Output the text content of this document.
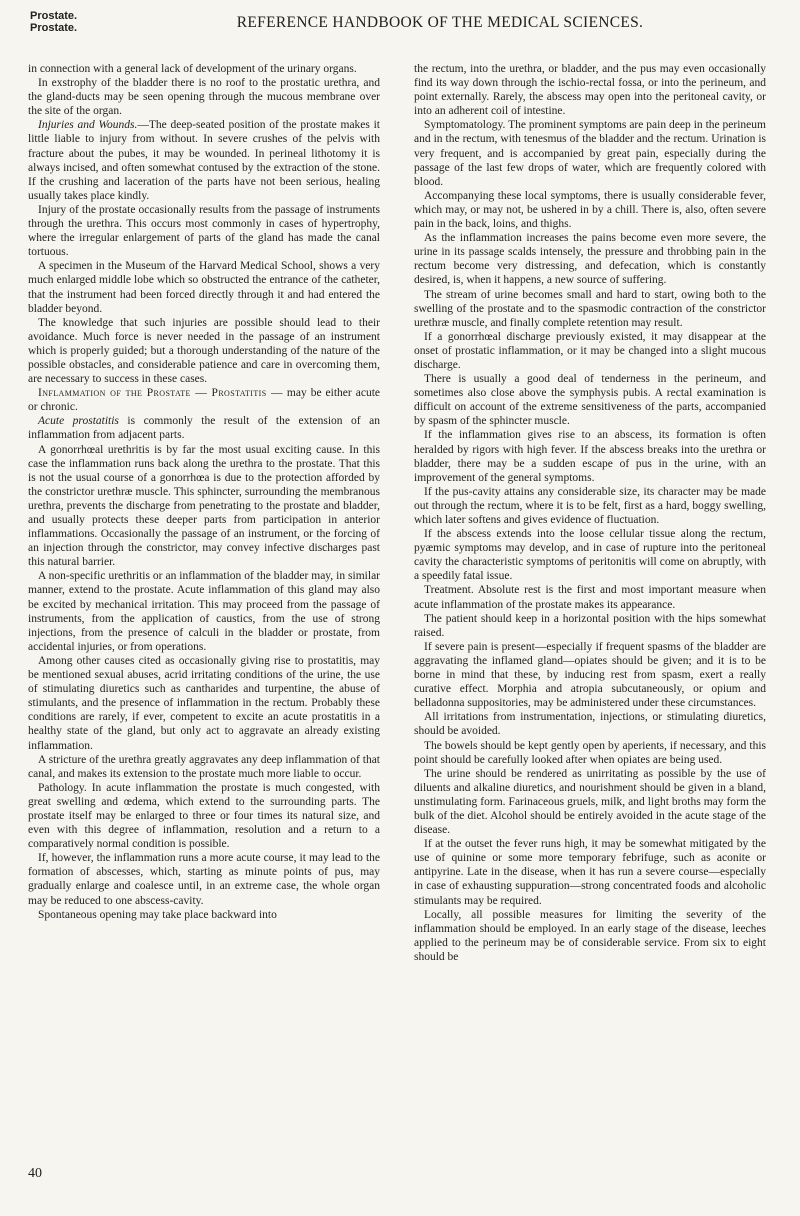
Prostate.
Prostate.	REFERENCE HANDBOOK OF THE MEDICAL SCIENCES.

in connection with a general lack of development of the urinary organs.

In exstrophy of the bladder there is no roof to the prostatic urethra, and the gland-ducts may be seen opening through the mucous membrane over the site of the organ.

Injuries and Wounds.—The deep-seated position of the prostate makes it little liable to injury from without. In severe crushes of the pelvis with fracture about the pubes, it may be wounded. In perineal lithotomy it is always incised, and often somewhat contused by the extraction of the stone. If the crushing and laceration of the parts have not been serious, healing usually takes place kindly.

Injury of the prostate occasionally results from the passage of instruments through the urethra. This occurs most commonly in cases of hypertrophy, where the irregular enlargement of parts of the gland has made the canal tortuous.

A specimen in the Museum of the Harvard Medical School, shows a very much enlarged middle lobe which so obstructed the entrance of the catheter, that the instrument had been forced directly through it and had entered the bladder beyond.

The knowledge that such injuries are possible should lead to their avoidance. Much force is never needed in the passage of an instrument which is properly guided; but a thorough understanding of the nature of the possible obstacles, and considerable patience and care in overcoming them, are necessary to success in these cases.

Inflammation of the Prostate — Prostatitis — may be either acute or chronic.

Acute prostatitis is commonly the result of the extension of an inflammation from adjacent parts.

A gonorrhœal urethritis is by far the most usual exciting cause. In this case the inflammation runs back along the urethra to the prostate. That this is not the usual course of a gonorrhœa is due to the protection afforded by the constrictor urethræ muscle. This sphincter, surrounding the membranous urethra, prevents the discharge from penetrating to the prostate and bladder, and usually protects these deeper parts from participation in anterior inflammations. Occasionally the passage of an instrument, or the forcing of an injection through the constrictor, may convey infective discharges past this natural barrier.

A non-specific urethritis or an inflammation of the bladder may, in similar manner, extend to the prostate. Acute inflammation of this gland may also be excited by mechanical irritation. This may proceed from the passage of instruments, from the application of caustics, from the use of strong injections, from the presence of calculi in the bladder or prostate, from accidental injuries, or from operations.

Among other causes cited as occasionally giving rise to prostatitis, may be mentioned sexual abuses, acrid irritating conditions of the urine, the use of stimulating diuretics such as cantharides and turpentine, the abuse of stimulants, and the presence of inflammation in the rectum. Probably these conditions are rarely, if ever, competent to excite an acute prostatitis in a healthy state of the gland, but only act to aggravate an already existing inflammation.

A stricture of the urethra greatly aggravates any deep inflammation of that canal, and makes its extension to the prostate much more liable to occur.

Pathology. In acute inflammation the prostate is much congested, with great swelling and œdema, which extend to the surrounding parts. The prostate itself may be enlarged to three or four times its natural size, and even with this degree of inflammation, resolution and a return to a comparatively normal condition is possible.

If, however, the inflammation runs a more acute course, it may lead to the formation of abscesses, which, starting as minute points of pus, may gradually enlarge and coalesce until, in an extreme case, the whole organ may be reduced to one abscess-cavity.

Spontaneous opening may take place backward into

the rectum, into the urethra, or bladder, and the pus may even occasionally find its way down through the ischio-rectal fossa, or into the perineum, and point externally. Rarely, the abscess may open into the peritoneal cavity, or into an adherent coil of intestine.

Symptomatology. The prominent symptoms are pain deep in the perineum and in the rectum, with tenesmus of the bladder and the rectum. Urination is very frequent, and is accompanied by great pain, especially during the passage of the last few drops of water, which are frequently colored with blood.

Accompanying these local symptoms, there is usually considerable fever, which may, or may not, be ushered in by a chill. There is, also, often severe pain in the back, loins, and thighs.

As the inflammation increases the pains become even more severe, the urine in its passage scalds intensely, the pressure and throbbing pain in the rectum become very distressing, and defecation, which is constantly desired, is, when it happens, a new source of suffering.

The stream of urine becomes small and hard to start, owing both to the swelling of the prostate and to the spasmodic contraction of the constrictor urethræ muscle, and finally complete retention may result.

If a gonorrhœal discharge previously existed, it may disappear at the onset of prostatic inflammation, or it may be changed into a slight mucous discharge.

There is usually a good deal of tenderness in the perineum, and sometimes also close above the symphysis pubis. A rectal examination is difficult on account of the extreme sensitiveness of the parts, accompanied by spasm of the sphincter muscle.

If the inflammation gives rise to an abscess, its formation is often heralded by rigors with high fever. If the abscess breaks into the urethra or bladder, there may be a sudden escape of pus in the urine, with an improvement of the general symptoms.

If the pus-cavity attains any considerable size, its character may be made out through the rectum, where it is to be felt, first as a hard, boggy swelling, which later softens and gives evidence of fluctuation.

If the abscess extends into the loose cellular tissue along the rectum, pyæmic symptoms may develop, and in case of rupture into the peritoneal cavity the characteristic symptoms of peritonitis will come on abruptly, with a speedily fatal issue.

Treatment. Absolute rest is the first and most important measure when acute inflammation of the prostate makes its appearance.

The patient should keep in a horizontal position with the hips somewhat raised.

If severe pain is present—especially if frequent spasms of the bladder are aggravating the inflamed gland—opiates should be given; and it is to be borne in mind that these, by inducing rest from spasm, exert a really curative effect. Morphia and atropia subcutaneously, or opium and belladonna suppositories, may be administered under these circumstances.

All irritations from instrumentation, injections, or stimulating diuretics, should be avoided.

The bowels should be kept gently open by aperients, if necessary, and this point should be carefully looked after when opiates are being used.

The urine should be rendered as unirritating as possible by the use of diluents and alkaline diuretics, and nourishment should be given in a bland, unstimulating form. Farinaceous gruels, milk, and light broths may form the bulk of the diet. Alcohol should be entirely avoided in the acute stage of the disease.

If at the outset the fever runs high, it may be somewhat mitigated by the use of quinine or some more temporary febrifuge, such as aconite or antipyrine. Late in the disease, when it has run a severe course—especially in case of exhausting suppuration—strong concentrated foods and alcoholic stimulants may be required.

Locally, all possible measures for limiting the severity of the inflammation should be employed. In an early stage of the disease, leeches applied to the perineum may be of considerable service. From six to eight should be

40
